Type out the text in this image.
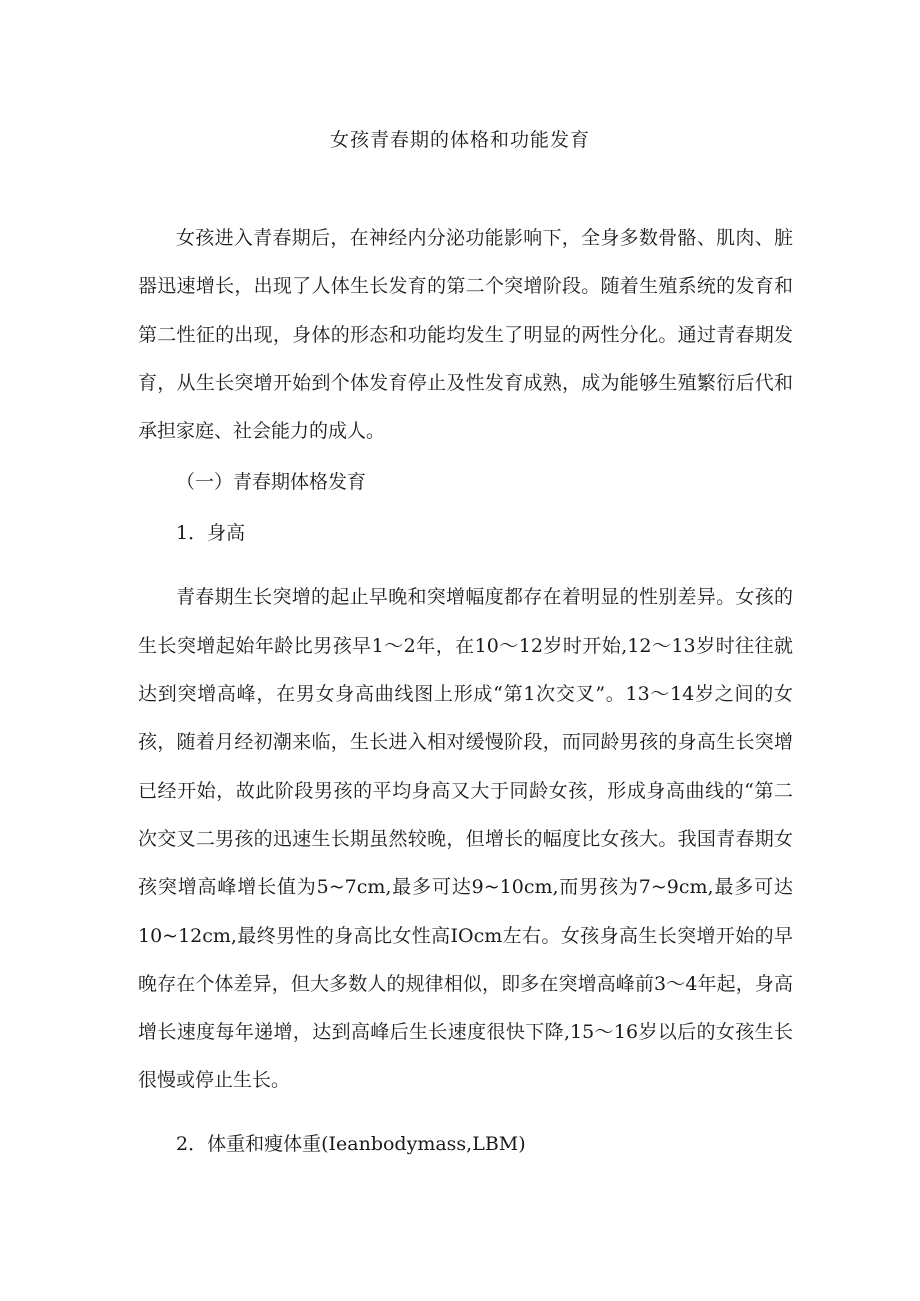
女孩青春期的体格和功能发育

女孩进入青春期后，在神经内分泌功能影响下，全身多数骨骼、肌肉、脏器迅速增长，出现了人体生长发育的第二个突增阶段。随着生殖系统的发育和第二性征的出现，身体的形态和功能均发生了明显的两性分化。通过青春期发育，从生长突增开始到个体发育停止及性发育成熟，成为能够生殖繁衍后代和承担家庭、社会能力的成人。

（一）青春期体格发育

1．身高

青春期生长突增的起止早晚和突增幅度都存在着明显的性别差异。女孩的生长突增起始年龄比男孩早1～2年，在10～12岁时开始,12～13岁时往往就达到突增高峰，在男女身高曲线图上形成“第1次交叉”。13～14岁之间的女孩，随着月经初潮来临，生长进入相对缓慢阶段，而同龄男孩的身高生长突增已经开始，故此阶段男孩的平均身高又大于同龄女孩，形成身高曲线的“第二次交叉二男孩的迅速生长期虽然较晚，但增长的幅度比女孩大。我国青春期女孩突增高峰增长值为5~7cm,最多可达9~10cm,而男孩为7~9cm,最多可达10~12cm,最终男性的身高比女性高IOcm左右。女孩身高生长突增开始的早晚存在个体差异，但大多数人的规律相似，即多在突增高峰前3～4年起，身高增长速度每年递增，达到高峰后生长速度很快下降,15～16岁以后的女孩生长很慢或停止生长。

2．体重和瘦体重(Ieanbodymass,LBM)
